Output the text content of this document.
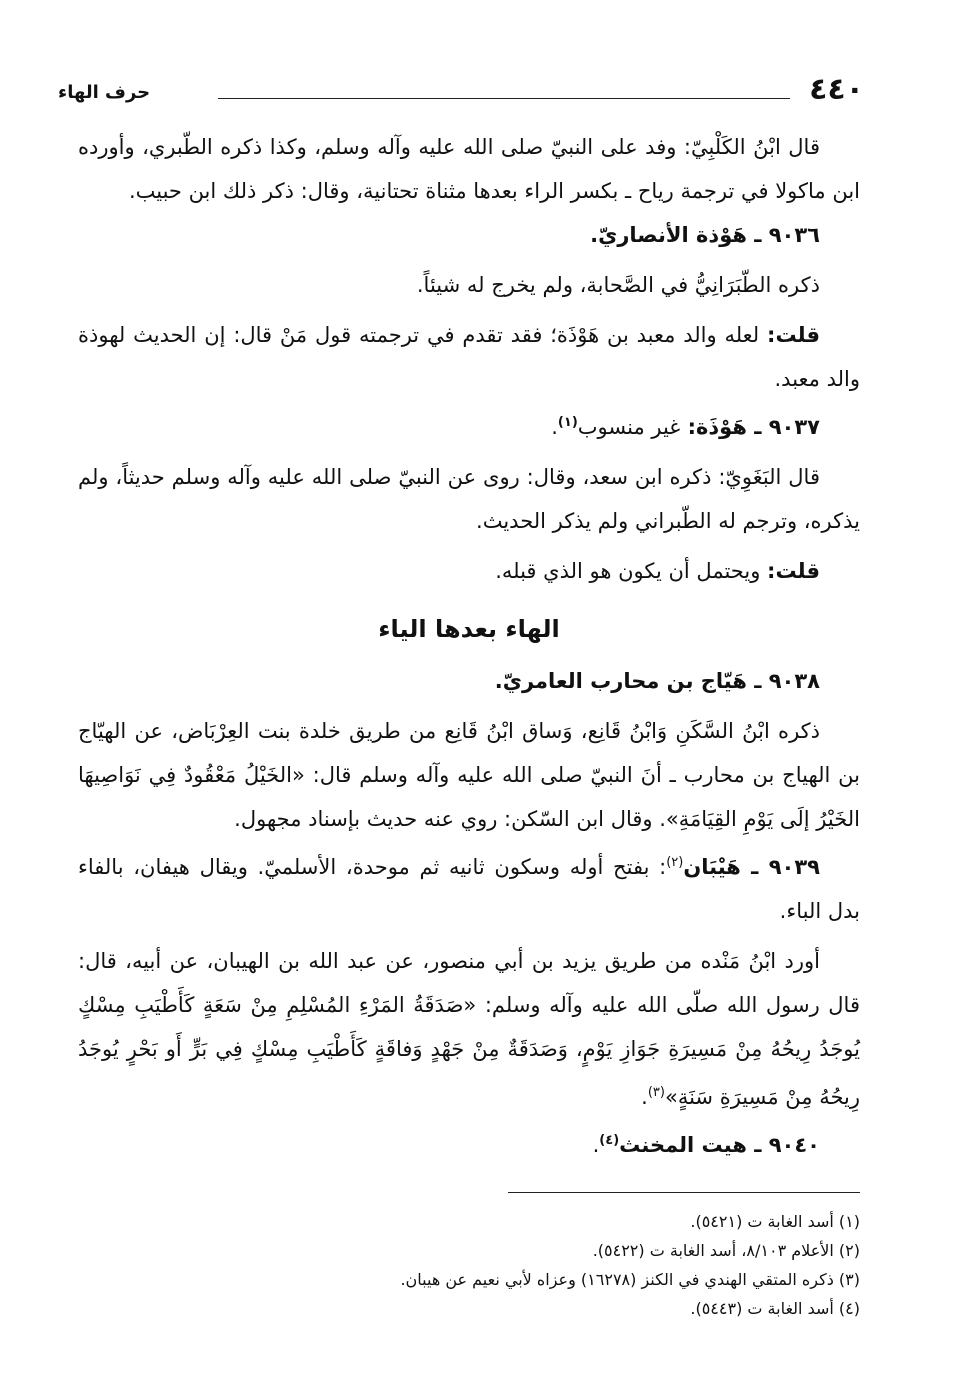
٤٤٠
حرف الهاء

قال ابْنُ الكَلْبِيّ: وفد على النبيّ صلى الله عليه وآله وسلم، وكذا ذكره الطّبري، وأورده ابن ماكولا في ترجمة رياح ـ بكسر الراء بعدها مثناة تحتانية، وقال: ذكر ذلك ابن حبيب.

٩٠٣٦ ـ هَوْذة الأنصاريّ.

ذكره الطّبَرَانِيُّ في الصَّحابة، ولم يخرج له شيئاً.

قلت: لعله والد معبد بن هَوْذَة؛ فقد تقدم في ترجمته قول مَنْ قال: إن الحديث لهوذة والد معبد.

٩٠٣٧ ـ هَوْذَة: غير منسوب$^{(١)}$.

قال البَغَوِيّ: ذكره ابن سعد، وقال: روى عن النبيّ صلى الله عليه وآله وسلم حديثاً، ولم يذكره، وترجم له الطّبراني ولم يذكر الحديث.

قلت: ويحتمل أن يكون هو الذي قبله.

الهاء بعدها الياء

٩٠٣٨ ـ هَيّاج بن محارب العامريّ.

ذكره ابْنُ السَّكَنِ وَابْنُ قَانِع، وَساق ابْنُ قَانِع من طريق خلدة بنت العِرْبَاض، عن الهيّاج بن الهياج بن محارب ـ أنَ النبيّ صلى الله عليه وآله وسلم قال: «الخَيْلُ مَعْقُودٌ فِي نَوَاصِيهَا الخَيْرُ إلَى يَوْمِ القِيَامَةِ». وقال ابن السّكن: روي عنه حديث بإسناد مجهول.

٩٠٣٩ ـ هَيْبَان$^{(٢)}$: بفتح أوله وسكون ثانيه ثم موحدة، الأسلميّ. ويقال هيفان، بالفاء بدل الباء.

أورد ابْنُ مَنْده من طريق يزيد بن أبي منصور، عن عبد الله بن الهيبان، عن أبيه، قال: قال رسول الله صلّى الله عليه وآله وسلم: «صَدَقَةُ المَرْءِ المُسْلِمِ مِنْ سَعَةٍ كَأَطْيَبِ مِسْكٍ يُوجَدُ رِيحُهُ مِنْ مَسِيرَةِ جَوَازِ يَوْمٍ، وَصَدَقَةٌ مِنْ جَهْدٍ وَفاقَةٍ كَأَطْيَبِ مِسْكٍ فِي بَرٍّ أَو بَحْرٍ يُوجَدُ رِيحُهُ مِنْ مَسِيرَةِ سَنَةٍ»$^{(٣)}$.

٩٠٤٠ ـ هيت المخنث$^{(٤)}$.

(١) أسد الغابة ت (٥٤٢١).

(٢) الأعلام ٨/١٠٣، أسد الغابة ت (٥٤٢٢).

(٣) ذكره المتقي الهندي في الكنز (١٦٢٧٨) وعزاه لأبي نعيم عن هيبان.

(٤) أسد الغابة ت (٥٤٤٣).
